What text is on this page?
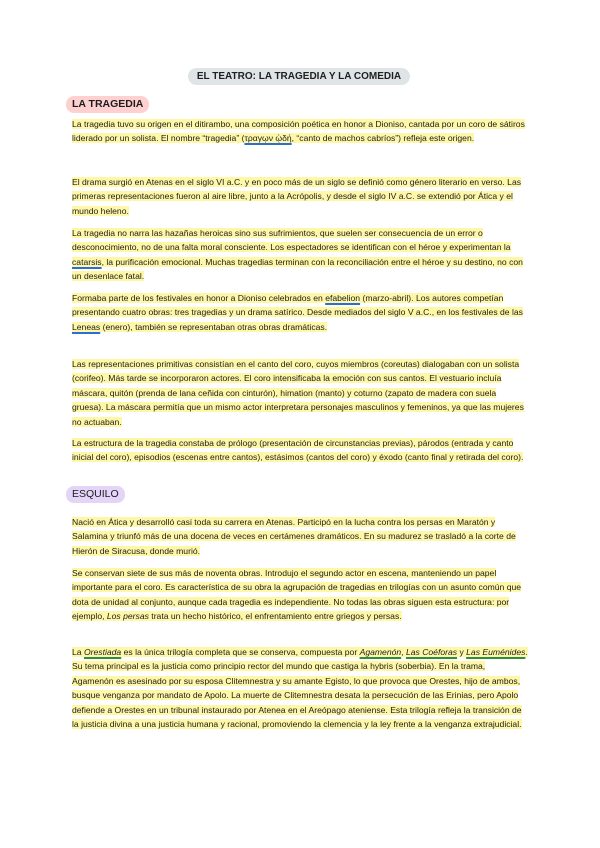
EL TEATRO: LA TRAGEDIA Y LA COMEDIA
LA TRAGEDIA

La tragedia tuvo su origen en el ditirambo, una composición poética en honor a Dioniso, cantada por un coro de sátiros liderado por un solista. El nombre “tragedia” (τραγῳν ᾠδή, “canto de machos cabríos”) refleja este origen.

El drama surgió en Atenas en el siglo VI a.C. y en poco más de un siglo se definió como género literario en verso. Las primeras representaciones fueron al aire libre, junto a la Acrópolis, y desde el siglo IV a.C. se extendió por Ática y el mundo heleno.

La tragedia no narra las hazañas heroicas sino sus sufrimientos, que suelen ser consecuencia de un error o desconocimiento, no de una falta moral consciente. Los espectadores se identifican con el héroe y experimentan la catarsis, la purificación emocional. Muchas tragedias terminan con la reconciliación entre el héroe y su destino, no con un desenlace fatal.

Formaba parte de los festivales en honor a Dioniso celebrados en efabelion (marzo-abril). Los autores competían presentando cuatro obras: tres tragedias y un drama satírico. Desde mediados del siglo V a.C., en los festivales de las Leneas (enero), también se representaban otras obras dramáticas.

Las representaciones primitivas consistían en el canto del coro, cuyos miembros (coreutas) dialogaban con un solista (corifeo). Más tarde se incorporaron actores. El coro intensificaba la emoción con sus cantos. El vestuario incluía máscara, quitón (prenda de lana ceñida con cinturón), himation (manto) y coturno (zapato de madera con suela gruesa). La máscara permitía que un mismo actor interpretara personajes masculinos y femeninos, ya que las mujeres no actuaban.

La estructura de la tragedia constaba de prólogo (presentación de circunstancias previas), párodos (entrada y canto inicial del coro), episodios (escenas entre cantos), estásimos (cantos del coro) y éxodo (canto final y retirada del coro).

ESQUILO

Nació en Ática y desarrolló casi toda su carrera en Atenas. Participó en la lucha contra los persas en Maratón y Salamina y triunfó más de una docena de veces en certámenes dramáticos. En su madurez se trasladó a la corte de Hierón de Siracusa, donde murió.

Se conservan siete de sus más de noventa obras. Introdujo el segundo actor en escena, manteniendo un papel importante para el coro. Es característica de su obra la agrupación de tragedias en trilogías con un asunto común que dota de unidad al conjunto, aunque cada tragedia es independiente. No todas las obras siguen esta estructura: por ejemplo, Los persas trata un hecho histórico, el enfrentamiento entre griegos y persas.

La Orestiada es la única trilogía completa que se conserva, compuesta por Agamenón, Las Coéforas y Las Euménides. Su tema principal es la justicia como principio rector del mundo que castiga la hybris (soberbia). En la trama, Agamenón es asesinado por su esposa Clitemnestra y su amante Egisto, lo que provoca que Orestes, hijo de ambos, busque venganza por mandato de Apolo. La muerte de Clitemnestra desata la persecución de las Erinias, pero Apolo defiende a Orestes en un tribunal instaurado por Atenea en el Areópago ateniense. Esta trilogía refleja la transición de la justicia divina a una justicia humana y racional, promoviendo la clemencia y la ley frente a la venganza extrajudicial.
